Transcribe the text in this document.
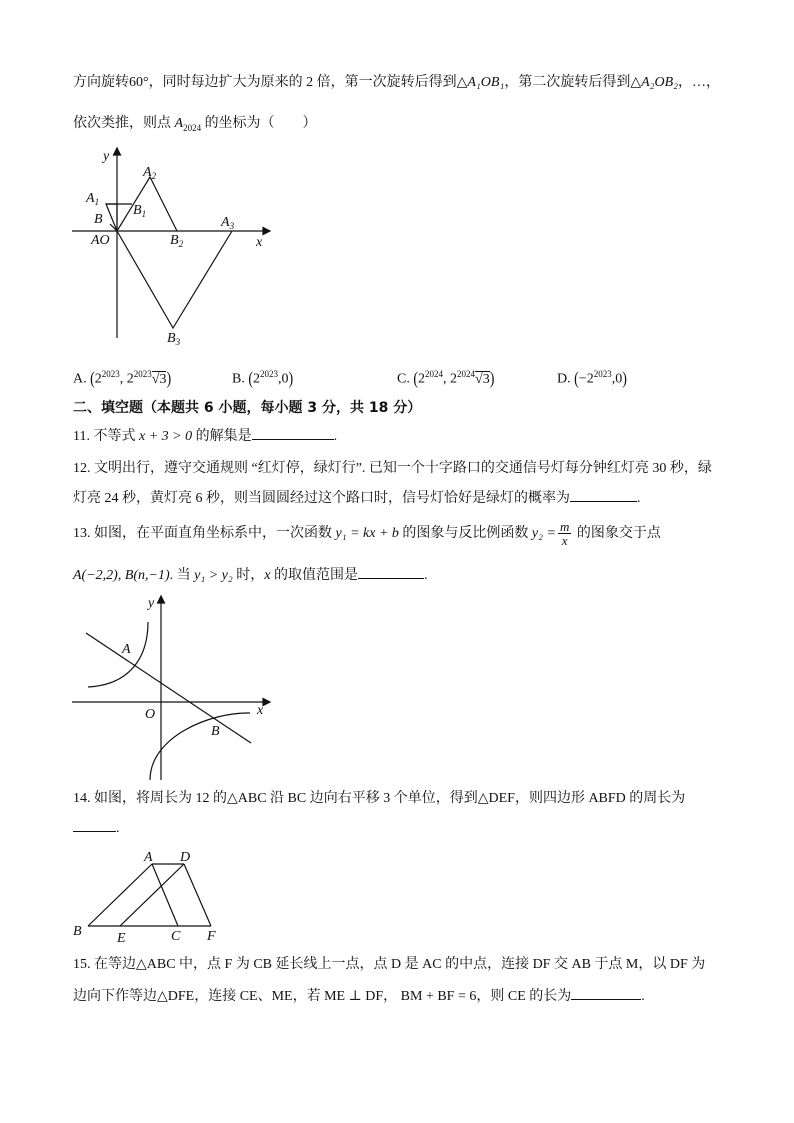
方向旋转60°，同时每边扩大为原来的 2 倍，第一次旋转后得到△A₁OB₁，第二次旋转后得到△A₂OB₂，…，
依次类推，则点 $A_{2024}$ 的坐标为（　　）
y
x
$A_2$
$A_1$
$B_1$
B
AO	$B_2$
$A_3$
$B_3$
A. ($2^{2023}$, $2^{2023}√3$)	B. $(2^{2023},0)$	C. ($2^{2024}$, $2^{2024}√3$)	D. $(-2^{2023},0)$
二、填空题（本题共 6 小题，每小题 3 分，共 18 分）
11. 不等式 x + 3 > 0 的解集是	.
12. 文明出行，遵守交通规则 “红灯停，绿灯行”. 已知一个十字路口的交通信号灯每分钟红灯亮 30 秒，绿
灯亮 24 秒，黄灯亮 6 秒，则当圆圆经过这个路口时，信号灯恰好是绿灯的概率为	.
13. 如图，在平面直角坐标系中，一次函数 y₁ = kx + b 的图象与反比例函数 $y_2 = \frac{m}{x}$ 的图象交于点
A(−2,2), B(n,−1). 当 y₁ > y₂ 时，x 的取值范围是	.
y
x
O
A
B
14. 如图，将周长为 12 的△ABC 沿 BC 边向右平移 3 个单位，得到△DEF，则四边形 ABFD 的周长为
.
A D
B	E	C F
15. 在等边△ABC 中，点 F 为 CB 延长线上一点，点 D 是 AC 的中点，连接 DF 交 AB 于点 M，以 DF 为
边向下作等边△DFE，连接 CE、ME，若 ME ⊥ DF， BM + BF = 6，则 CE 的长为	.
